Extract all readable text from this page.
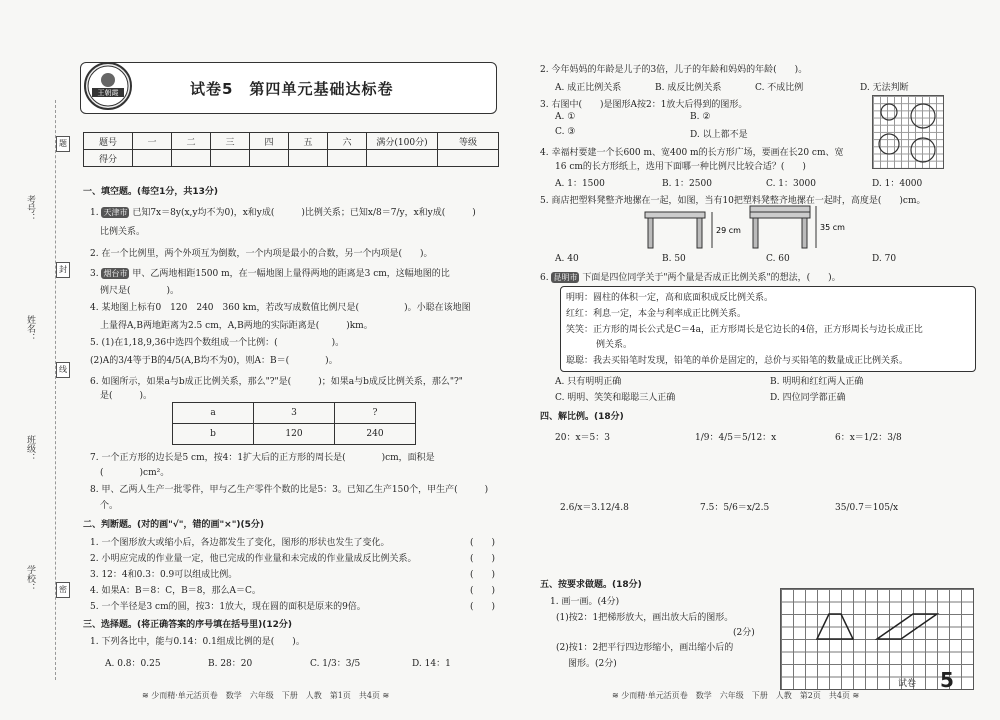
考号：
姓名：
班级：
学校：
题
封
线
密
王朝霞	试卷5　第四单元基础达标卷
题号	一	二	三	四	五	六	满分(100分)	等级
得分								
一、填空题。(每空1分，共13分)
1. 天津市 已知7x＝8y(x,y均不为0)，x和y成(　　　)比例关系；已知x/8＝7/y，x和y成(　　　)
比例关系。
2. 在一个比例里，两个外项互为倒数，一个内项是最小的合数，另一个内项是(　　)。
3. 烟台市 甲、乙两地相距1500 m，在一幅地图上量得两地的距离是3 cm，这幅地图的比
例尺是(　　　　)。
4. 某地图上标有0　120　240　360 km，若改写成数值比例尺是(　　　　　)。小聪在该地图
上量得A,B两地距离为2.5 cm，A,B两地的实际距离是(　　　)km。
5. (1)在1,18,9,36中选四个数组成一个比例：(　　　　　　)。
(2)A的3/4等于B的4/5(A,B均不为0)，则A：B＝(　　　　)。
6. 如图所示，如果a与b成正比例关系，那么"?"是(　　　)；如果a与b成反比例关系，那么"?"
是(　　　)。
a	3	?
b	120	240
7. 一个正方形的边长是5 cm，按4：1扩大后的正方形的周长是(　　　　)cm，面积是
(　　　　)cm²。
8. 甲、乙两人生产一批零件，甲与乙生产零件个数的比是5：3。已知乙生产150个，甲生产(　　　)
个。
二、判断题。(对的画"√"，错的画"×")(5分)
1. 一个图形放大或缩小后，各边都发生了变化，图形的形状也发生了变化。
2. 小明应完成的作业量一定，他已完成的作业量和未完成的作业量成反比例关系。
3. 12：4和0.3：0.9可以组成比例。
4. 如果A：B＝8：C，B＝8，那么A＝C。
5. 一个半径是3 cm的圆，按3：1放大，现在圆的面积是原来的9倍。
(　　)
(　　)
(　　)
(　　)
(　　)
三、选择题。(将正确答案的序号填在括号里)(12分)
1. 下列各比中，能与0.14：0.1组成比例的是(　　)。
A. 0.8：0.25	B. 28：20	C. 1/3：3/5	D. 14：1
≋ 少而精·单元活页卷　数学　六年级　下册　人教　第1页　共4页 ≋
2. 今年妈妈的年龄是儿子的3倍，儿子的年龄和妈妈的年龄(　　)。
A. 成正比例关系	B. 成反比例关系	C. 不成比例	D. 无法判断
3. 右图中(　　)是图形A按2：1放大后得到的图形。
A. ①	B. ②
C. ③	D. 以上都不是
4. 幸福村要建一个长600 m、宽400 m的长方形广场，要画在长20 cm、宽
16 cm的长方形纸上，选用下面哪一种比例尺比较合适？(　　)
A. 1：1500	B. 1：2500	C. 1：3000	D. 1：4000
5. 商店把塑料凳整齐地摞在一起，如图，当有10把塑料凳整齐地摞在一起时，高度是(　　)cm。
29 cm	35 cm
A. 40	B. 50	C. 60	D. 70
6. 昆明市 下面是四位同学关于"两个量是否成正比例关系"的想法，(　　)。
明明：圆柱的体积一定，高和底面积成反比例关系。
红红：利息一定，本金与利率成正比例关系。
笑笑：正方形的周长公式是C＝4a，正方形周长是它边长的4倍，正方形周长与边长成正比
例关系。
聪聪：我去买铅笔时发现，铅笔的单价是固定的，总价与买铅笔的数量成正比例关系。
A. 只有明明正确	B. 明明和红红两人正确
C. 明明、笑笑和聪聪三人正确	D. 四位同学都正确
四、解比例。(18分)
20：x＝5：3	1/9：4/5＝5/12：x	6：x＝1/2：3/8
2.6/x＝3.12/4.8	7.5：5/6＝x/2.5	35/0.7＝105/x
五、按要求做题。(18分)
1. 画一画。(4分)
(1)按2：1把梯形放大，画出放大后的图形。
(2分)
(2)按1：2把平行四边形缩小，画出缩小后的
图形。(2分)
≋ 少而精·单元活页卷　数学　六年级　下册　人教　第2页　共4页 ≋
试卷 5
